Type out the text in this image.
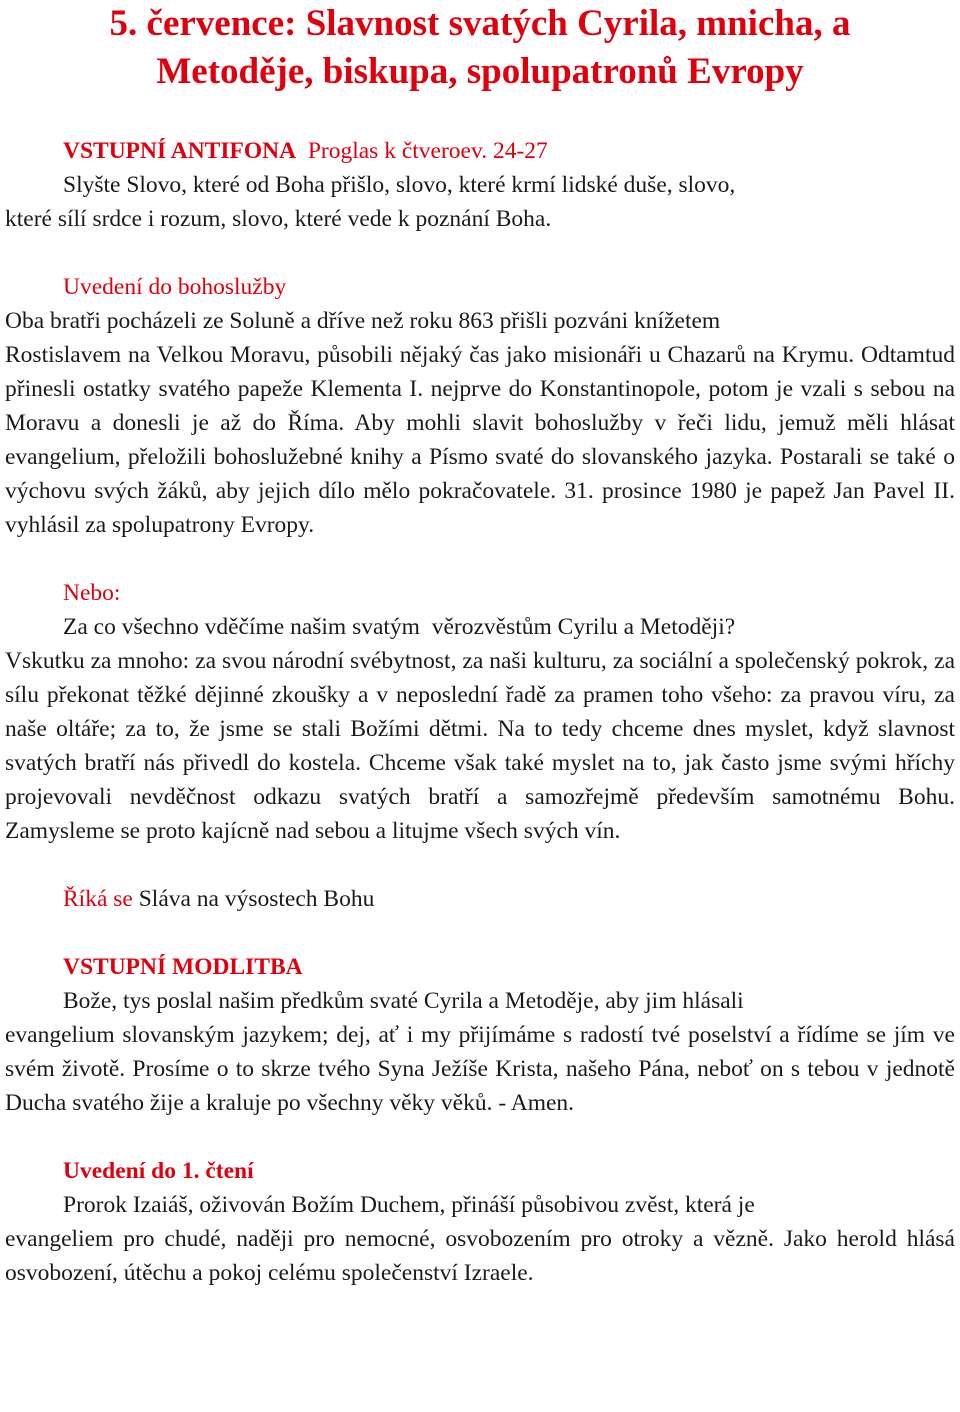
5. července: Slavnost svatých Cyrila, mnicha, a
Metoděje, biskupa, spolupatronů Evropy

VSTUPNÍ ANTIFONA Proglas k čtveroev. 24-27

Slyšte Slovo, které od Boha přišlo, slovo, které krmí lidské duše, slovo,

které sílí srdce i rozum, slovo, které vede k poznání Boha.

Uvedení do bohoslužby

Oba bratři pocházeli ze Soluně a dříve než roku 863 přišli pozváni knížetem

Rostislavem na Velkou Moravu, působili nějaký čas jako misionáři u Chazarů na Krymu. Odtamtud přinesli ostatky svatého papeže Klementa I. nejprve do Konstantinopole, potom je vzali s sebou na Moravu a donesli je až do Říma. Aby mohli slavit bohoslužby v řeči lidu, jemuž měli hlásat evangelium, přeložili bohoslužebné knihy a Písmo svaté do slovanského jazyka. Postarali se také o výchovu svých žáků, aby jejich dílo mělo pokračovatele. 31. prosince 1980 je papež Jan Pavel II. vyhlásil za spolupatrony Evropy.

Nebo:

Za co všechno vděčíme našim svatým  věrozvěstům Cyrilu a Metoději?

Vskutku za mnoho: za svou národní svébytnost, za naši kulturu, za sociální a společenský pokrok, za sílu překonat těžké dějinné zkoušky a v neposlední řadě za pramen toho všeho: za pravou víru, za naše oltáře; za to, že jsme se stali Božími dětmi. Na to tedy chceme dnes myslet, když slavnost svatých bratří nás přivedl do kostela. Chceme však také myslet na to, jak často jsme svými hříchy projevovali nevděčnost odkazu svatých bratří a samozřejmě především samotnému Bohu. Zamysleme se proto kajícně nad sebou a litujme všech svých vín.

Říká se Sláva na výsostech Bohu

VSTUPNÍ MODLITBA

Bože, tys poslal našim předkům svaté Cyrila a Metoděje, aby jim hlásali

evangelium slovanským jazykem; dej, ať i my přijímáme s radostí tvé poselství a řídíme se jím ve svém životě. Prosíme o to skrze tvého Syna Ježíše Krista, našeho Pána, neboť on s tebou v jednotě Ducha svatého žije a kraluje po všechny věky věků. - Amen.

Uvedení do 1. čtení

Prorok Izaiáš, oživován Božím Duchem, přináší působivou zvěst, která je

evangeliem pro chudé, naději pro nemocné, osvobozením pro otroky a vězně. Jako herold hlásá osvobození, útěchu a pokoj celému společenství Izraele.
